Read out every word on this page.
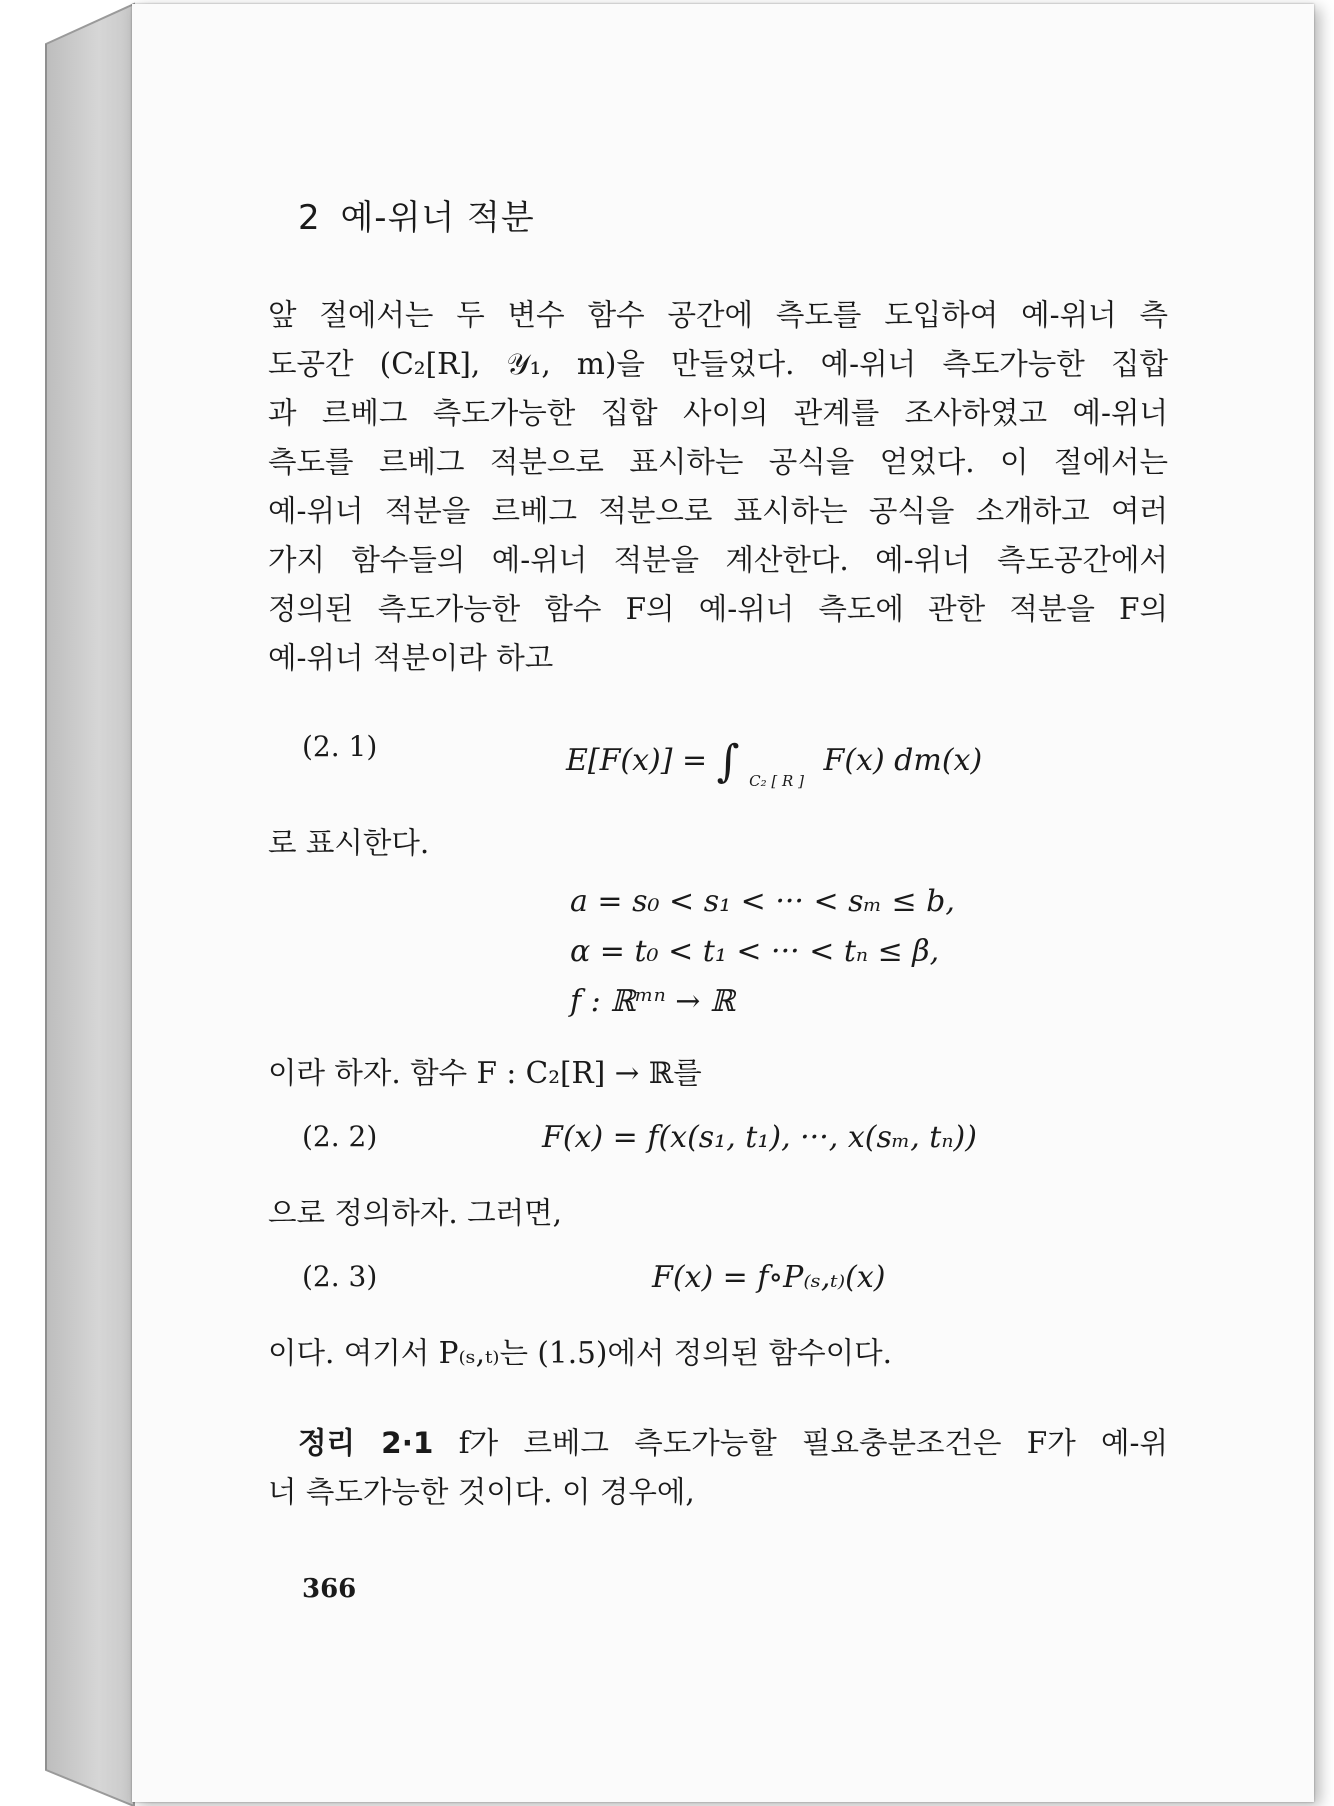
2 예-위너 적분
앞 절에서는 두 변수 함수 공간에 측도를 도입하여 예-위너 측
도공간 (C₂[R], 𝒴₁, m)을 만들었다. 예-위너 측도가능한 집합
과 르베그 측도가능한 집합 사이의 관계를 조사하였고 예-위너
측도를 르베그 적분으로 표시하는 공식을 얻었다. 이 절에서는
예-위너 적분을 르베그 적분으로 표시하는 공식을 소개하고 여러
가지 함수들의 예-위너 적분을 계산한다. 예-위너 측도공간에서
정의된 측도가능한 함수 F의 예-위너 측도에 관한 적분을 F의
예-위너 적분이라 하고
(2. 1)	E[F(x)] = ∫ $_{C_2 [ R ]}$ F(x) dm(x)
로 표시한다.
a = s₀ < s₁ < ··· < sₘ ≤ b,
α = t₀ < t₁ < ··· < tₙ ≤ β,
f : ℝᵐⁿ → ℝ
이라 하자. 함수 F : C₂[R] → ℝ를
(2. 2)	F(x) = f(x(s₁, t₁), ···, x(sₘ, tₙ))
으로 정의하자. 그러면,
(2. 3)	F(x) = f∘P₍ₛ,ₜ₎(x)
이다. 여기서 P₍ₛ,ₜ₎는 (1.5)에서 정의된 함수이다.
정리 2·1 f가 르베그 측도가능할 필요충분조건은 F가 예-위
너 측도가능한 것이다. 이 경우에,
366
